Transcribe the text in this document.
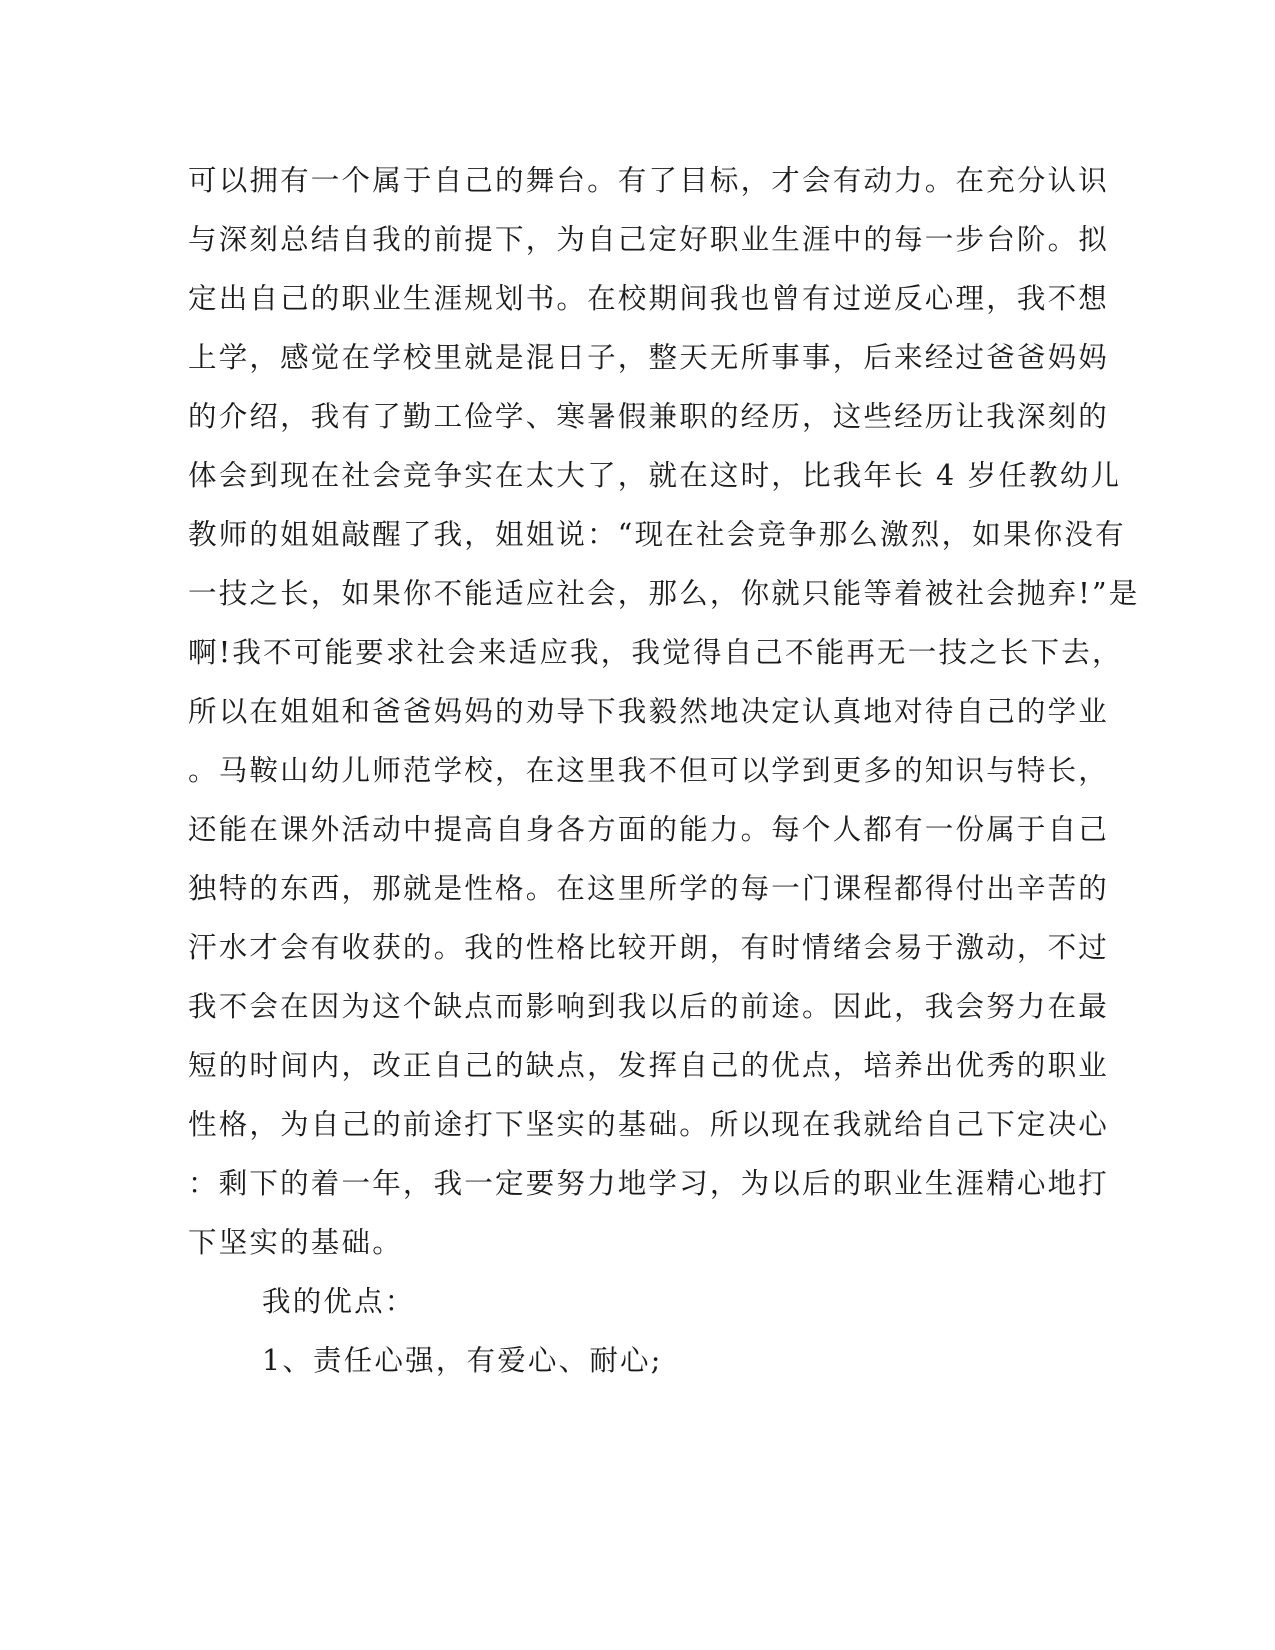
可以拥有一个属于自己的舞台。有了目标，才会有动力。在充分认识

与深刻总结自我的前提下，为自己定好职业生涯中的每一步台阶。拟

定出自己的职业生涯规划书。在校期间我也曾有过逆反心理，我不想

上学，感觉在学校里就是混日子，整天无所事事，后来经过爸爸妈妈

的介绍，我有了勤工俭学、寒暑假兼职的经历，这些经历让我深刻的

体会到现在社会竞争实在太大了，就在这时，比我年长 4 岁任教幼儿

教师的姐姐敲醒了我，姐姐说：“现在社会竞争那么激烈，如果你没有

一技之长，如果你不能适应社会，那么，你就只能等着被社会抛弃!”是

啊!我不可能要求社会来适应我，我觉得自己不能再无一技之长下去，

所以在姐姐和爸爸妈妈的劝导下我毅然地决定认真地对待自己的学业

。马鞍山幼儿师范学校，在这里我不但可以学到更多的知识与特长，

还能在课外活动中提高自身各方面的能力。每个人都有一份属于自己

独特的东西，那就是性格。在这里所学的每一门课程都得付出辛苦的

汗水才会有收获的。我的性格比较开朗，有时情绪会易于激动，不过

我不会在因为这个缺点而影响到我以后的前途。因此，我会努力在最

短的时间内，改正自己的缺点，发挥自己的优点，培养出优秀的职业

性格，为自己的前途打下坚实的基础。所以现在我就给自己下定决心

：剩下的着一年，我一定要努力地学习，为以后的职业生涯精心地打

下坚实的基础。

我的优点：

1、责任心强，有爱心、耐心;
